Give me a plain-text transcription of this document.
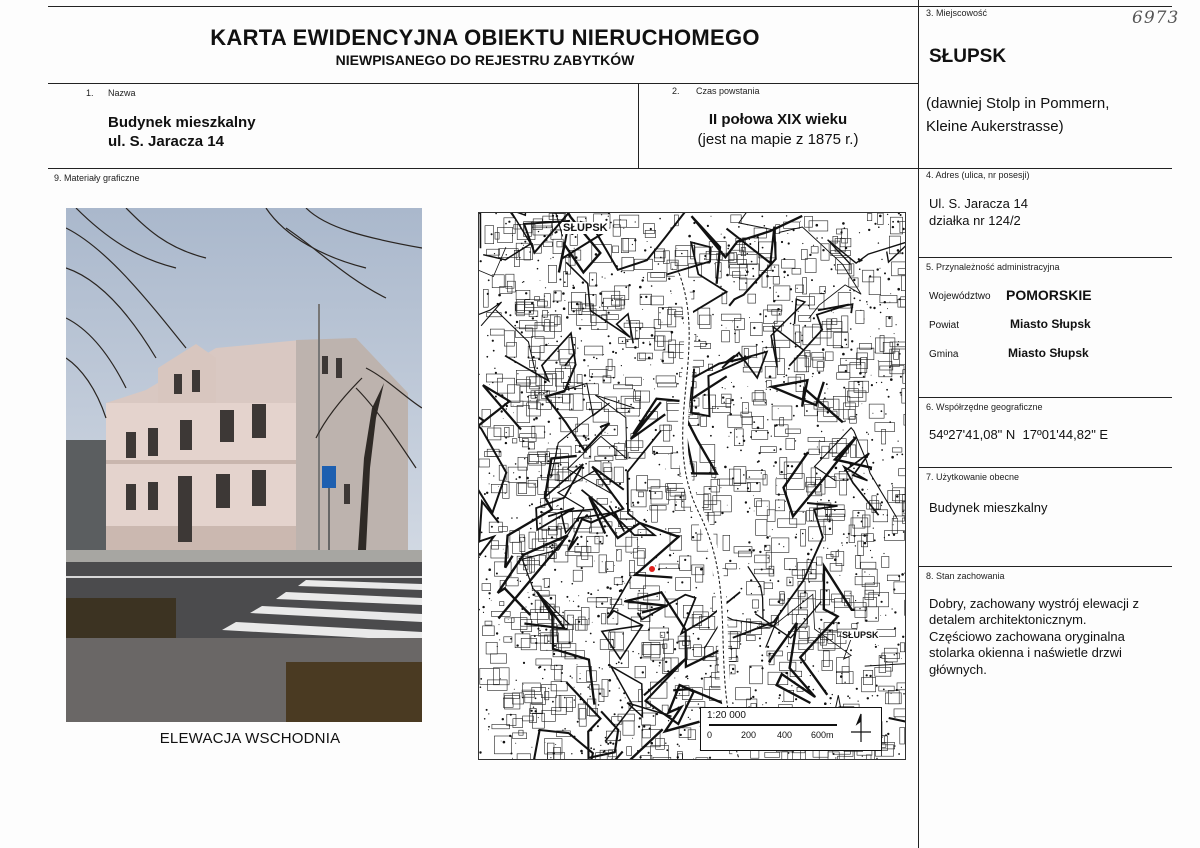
6973
KARTA EWIDENCYJNA OBIEKTU NIERUCHOMEGO
NIEWPISANEGO DO REJESTRU ZABYTKÓW
3. Miejscowość
SŁUPSK
(dawniej Stolp in Pommern,
Kleine Aukerstrasse)
1. Nazwa
Budynek mieszkalny
ul. S. Jaracza 14
2. Czas powstania
II połowa XIX wieku
(jest na mapie z 1875 r.)
9. Materiały graficzne	4. Adres (ulica, nr posesji)
Ul. S. Jaracza 14
działka nr 124/2
5. Przynależność administracyjna
Województwo POMORSKIE
Powiat	Miasto Słupsk
Gmina	Miasto Słupsk
6. Współrzędne geograficzne
54º27'41,08" N  17º01'44,82" E
7. Użytkowanie obecne
Budynek mieszkalny
8. Stan zachowania
Dobry, zachowany wystrój elewacji z
detalem architektonicznym.
Częściowo zachowana oryginalna
stolarka okienna i naświetle drzwi
głównych.
ELEWACJA WSCHODNIA
SŁUPSK
SŁUPSK
1:20 000
0	200 400 600m
